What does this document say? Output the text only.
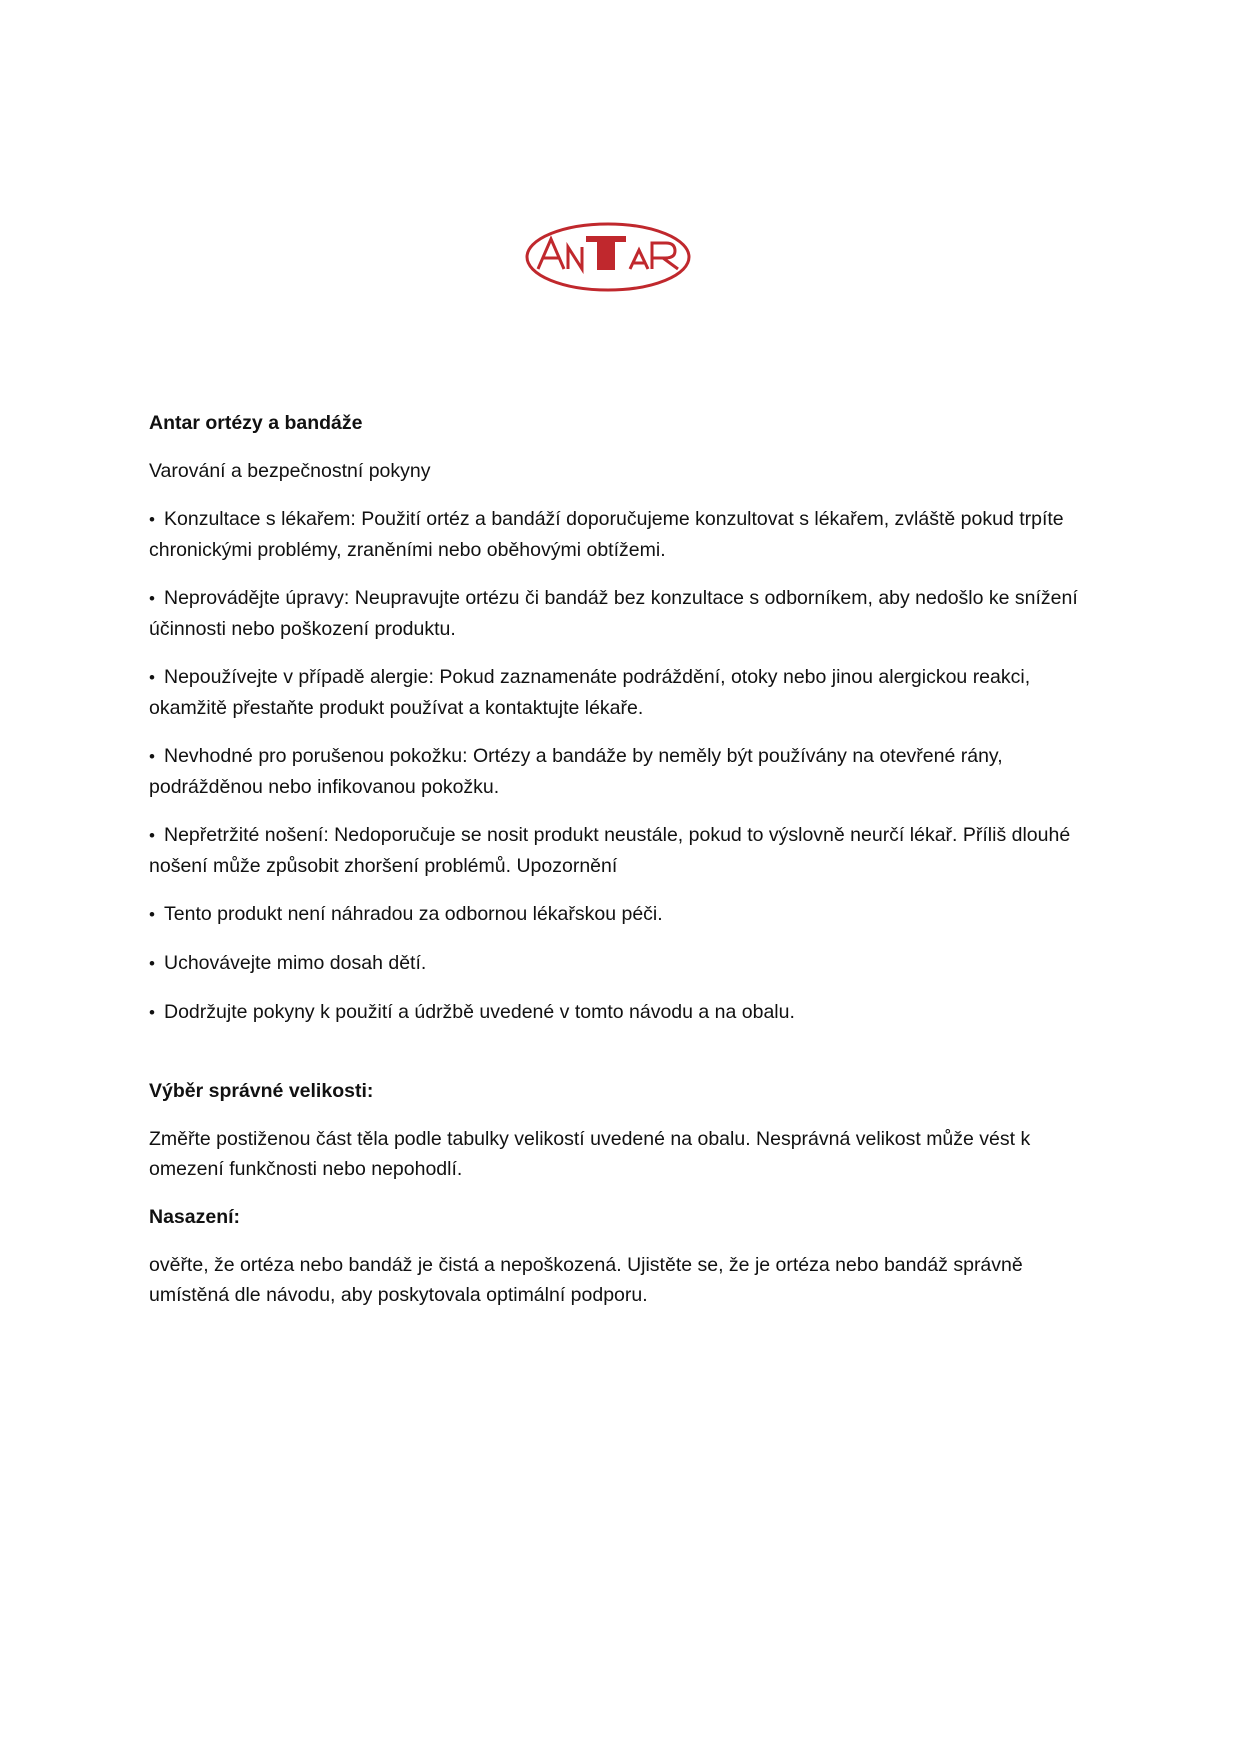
Antar ortézy a bandáže

Varování a bezpečnostní pokyny

• Konzultace s lékařem: Použití ortéz a bandáží doporučujeme konzultovat s lékařem, zvláště pokud trpíte chronickými problémy, zraněními nebo oběhovými obtížemi.

• Neprovádějte úpravy: Neupravujte ortézu či bandáž bez konzultace s odborníkem, aby nedošlo ke snížení účinnosti nebo poškození produktu.

• Nepoužívejte v případě alergie: Pokud zaznamenáte podráždění, otoky nebo jinou alergickou reakci, okamžitě přestaňte produkt používat a kontaktujte lékaře.

• Nevhodné pro porušenou pokožku: Ortézy a bandáže by neměly být používány na otevřené rány, podrážděnou nebo infikovanou pokožku.

• Nepřetržité nošení: Nedoporučuje se nosit produkt neustále, pokud to výslovně neurčí lékař. Příliš dlouhé nošení může způsobit zhoršení problémů. Upozornění

• Tento produkt není náhradou za odbornou lékařskou péči.

• Uchovávejte mimo dosah dětí.

• Dodržujte pokyny k použití a údržbě uvedené v tomto návodu a na obalu.

Výběr správné velikosti:

Změřte postiženou část těla podle tabulky velikostí uvedené na obalu. Nesprávná velikost může vést k omezení funkčnosti nebo nepohodlí.

Nasazení:

ověřte, že ortéza nebo bandáž je čistá a nepoškozená. Ujistěte se, že je ortéza nebo bandáž správně umístěná dle návodu, aby poskytovala optimální podporu.
